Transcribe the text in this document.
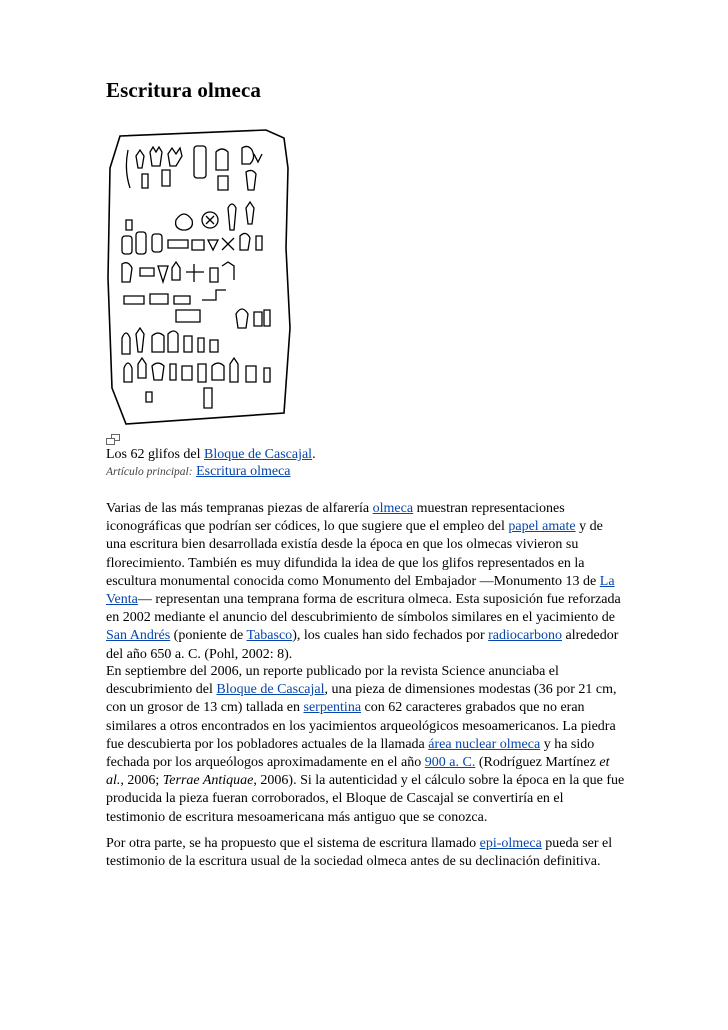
Escritura olmeca
Los 62 glifos del Bloque de Cascajal.
Artículo principal: Escritura olmeca
Varias de las más tempranas piezas de alfarería olmeca muestran representaciones iconográficas que podrían ser códices, lo que sugiere que el empleo del papel amate y de una escritura bien desarrollada existía desde la época en que los olmecas vivieron su florecimiento. También es muy difundida la idea de que los glifos representados en la escultura monumental conocida como Monumento del Embajador —Monumento 13 de La Venta— representan una temprana forma de escritura olmeca. Esta suposición fue reforzada en 2002 mediante el anuncio del descubrimiento de símbolos similares en el yacimiento de San Andrés (poniente de Tabasco), los cuales han sido fechados por radiocarbono alrededor del año 650 a. C. (Pohl, 2002: 8).
En septiembre del 2006, un reporte publicado por la revista Science anunciaba el descubrimiento del Bloque de Cascajal, una pieza de dimensiones modestas (36 por 21 cm, con un grosor de 13 cm) tallada en serpentina con 62 caracteres grabados que no eran similares a otros encontrados en los yacimientos arqueológicos mesoamericanos. La piedra fue descubierta por los pobladores actuales de la llamada área nuclear olmeca y ha sido fechada por los arqueólogos aproximadamente en el año 900 a. C. (Rodríguez Martínez et al., 2006; Terrae Antiquae, 2006). Si la autenticidad y el cálculo sobre la época en la que fue producida la pieza fueran corroborados, el Bloque de Cascajal se convertiría en el testimonio de escritura mesoamericana más antiguo que se conozca.
Por otra parte, se ha propuesto que el sistema de escritura llamado epi-olmeca pueda ser el testimonio de la escritura usual de la sociedad olmeca antes de su declinación definitiva.
